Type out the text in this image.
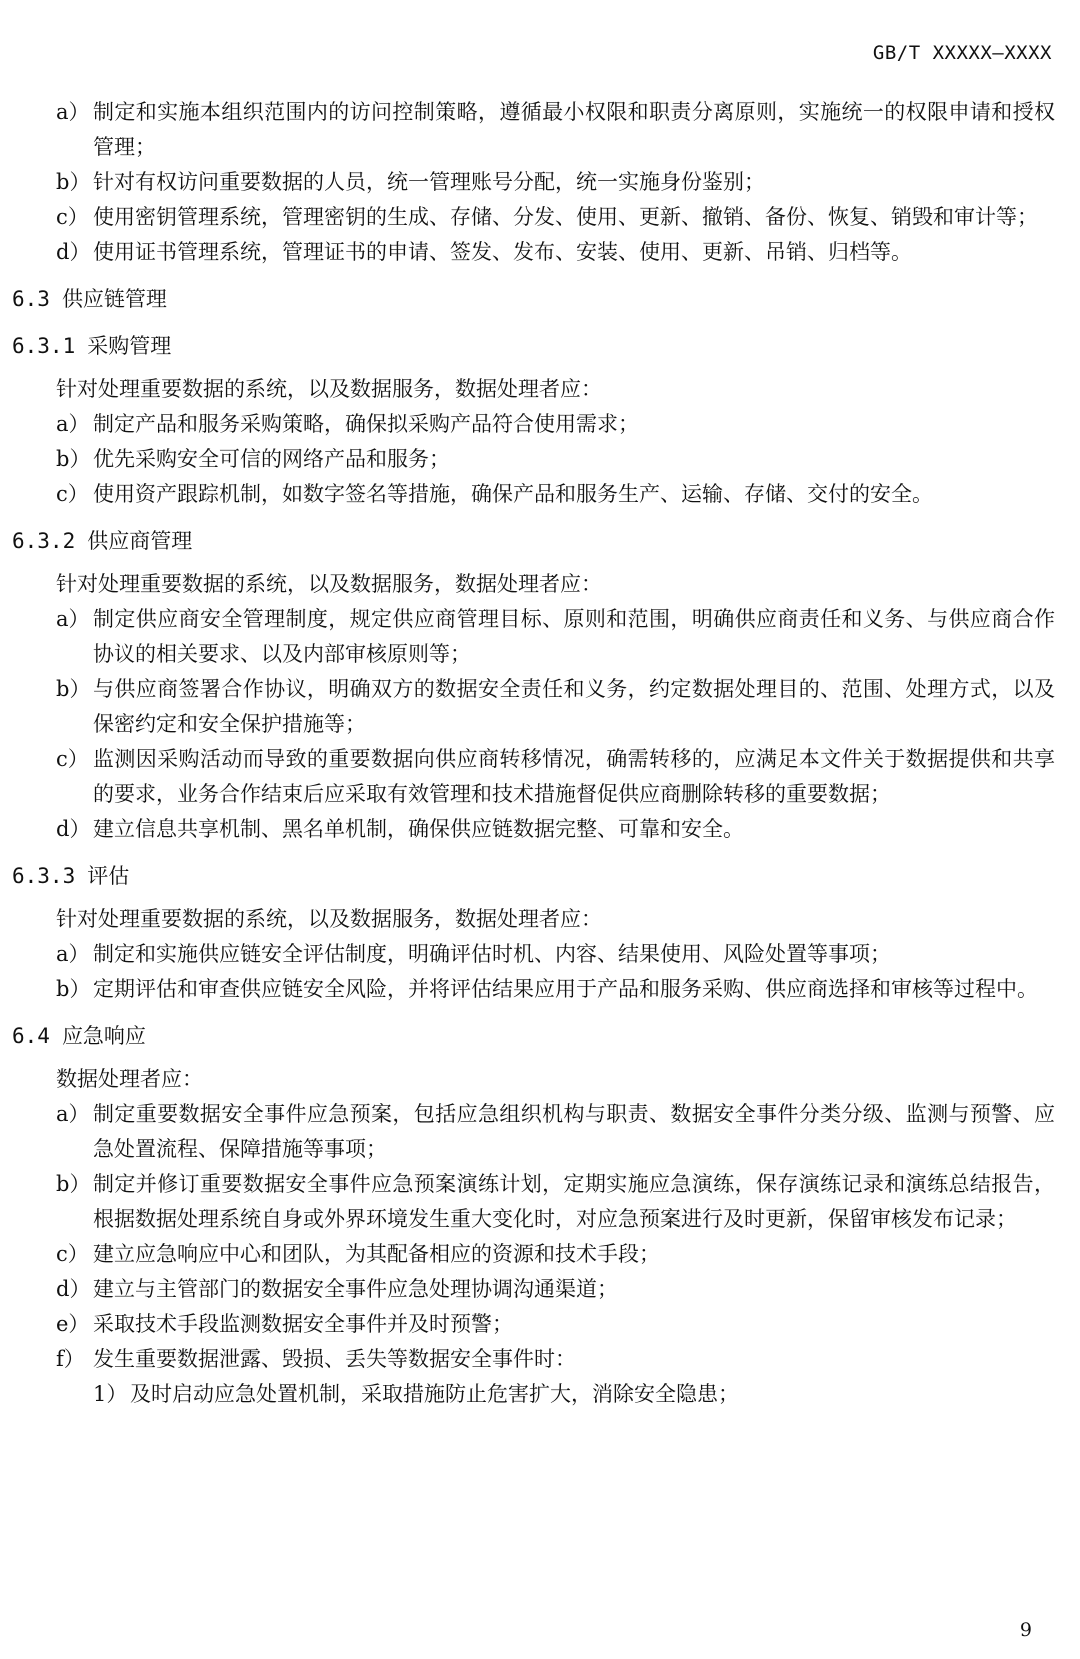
GB/T XXXXX—XXXX
a） 制定和实施本组织范围内的访问控制策略，遵循最小权限和职责分离原则，实施统一的权限申请和授权管理；
b） 针对有权访问重要数据的人员，统一管理账号分配，统一实施身份鉴别；
c） 使用密钥管理系统，管理密钥的生成、存储、分发、使用、更新、撤销、备份、恢复、销毁和审计等；
d） 使用证书管理系统，管理证书的申请、签发、发布、安装、使用、更新、吊销、归档等。
6.3 供应链管理
6.3.1 采购管理
针对处理重要数据的系统，以及数据服务，数据处理者应：
a） 制定产品和服务采购策略，确保拟采购产品符合使用需求；
b） 优先采购安全可信的网络产品和服务；
c） 使用资产跟踪机制，如数字签名等措施，确保产品和服务生产、运输、存储、交付的安全。
6.3.2 供应商管理
针对处理重要数据的系统，以及数据服务，数据处理者应：
a） 制定供应商安全管理制度，规定供应商管理目标、原则和范围，明确供应商责任和义务、与供应商合作协议的相关要求、以及内部审核原则等；
b） 与供应商签署合作协议，明确双方的数据安全责任和义务，约定数据处理目的、范围、处理方式，以及保密约定和安全保护措施等；
c） 监测因采购活动而导致的重要数据向供应商转移情况，确需转移的，应满足本文件关于数据提供和共享的要求，业务合作结束后应采取有效管理和技术措施督促供应商删除转移的重要数据；
d） 建立信息共享机制、黑名单机制，确保供应链数据完整、可靠和安全。
6.3.3 评估
针对处理重要数据的系统，以及数据服务，数据处理者应：
a） 制定和实施供应链安全评估制度，明确评估时机、内容、结果使用、风险处置等事项；
b） 定期评估和审查供应链安全风险，并将评估结果应用于产品和服务采购、供应商选择和审核等过程中。
6.4 应急响应
数据处理者应：
a） 制定重要数据安全事件应急预案，包括应急组织机构与职责、数据安全事件分类分级、监测与预警、应急处置流程、保障措施等事项；
b） 制定并修订重要数据安全事件应急预案演练计划，定期实施应急演练，保存演练记录和演练总结报告，根据数据处理系统自身或外界环境发生重大变化时，对应急预案进行及时更新，保留审核发布记录；
c） 建立应急响应中心和团队，为其配备相应的资源和技术手段；
d） 建立与主管部门的数据安全事件应急处理协调沟通渠道；
e） 采取技术手段监测数据安全事件并及时预警；
f） 发生重要数据泄露、毁损、丢失等数据安全事件时：
1） 及时启动应急处置机制，采取措施防止危害扩大，消除安全隐患；
9
